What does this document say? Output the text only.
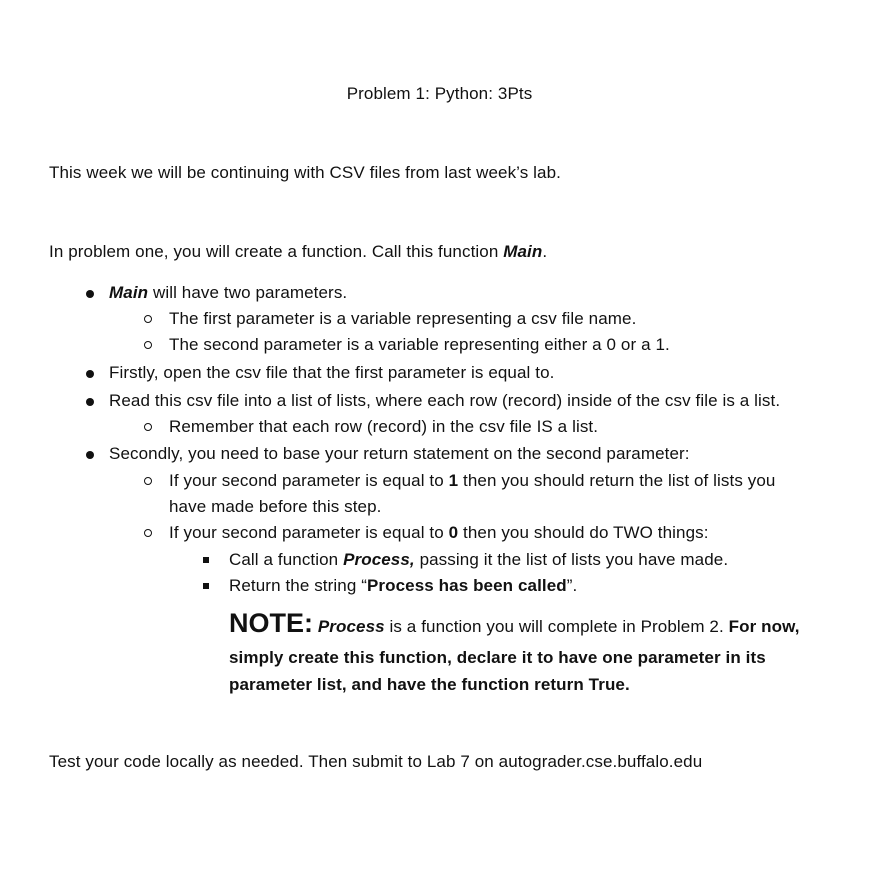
Problem 1: Python: 3Pts
This week we will be continuing with CSV files from last week’s lab.
In problem one, you will create a function. Call this function Main.
Main will have two parameters.
The first parameter is a variable representing a csv file name.
The second parameter is a variable representing either a 0 or a 1.
Firstly, open the csv file that the first parameter is equal to.
Read this csv file into a list of lists, where each row (record) inside of the csv file is a list.
Remember that each row (record) in the csv file IS a list.
Secondly, you need to base your return statement on the second parameter:
If your second parameter is equal to 1 then you should return the list of lists you
have made before this step.
If your second parameter is equal to 0 then you should do TWO things:
Call a function Process, passing it the list of lists you have made.
Return the string “Process has been called”.
NOTE: Process is a function you will complete in Problem 2. For now,
simply create this function, declare it to have one parameter in its
parameter list, and have the function return True.
Test your code locally as needed. Then submit to Lab 7 on autograder.cse.buffalo.edu
